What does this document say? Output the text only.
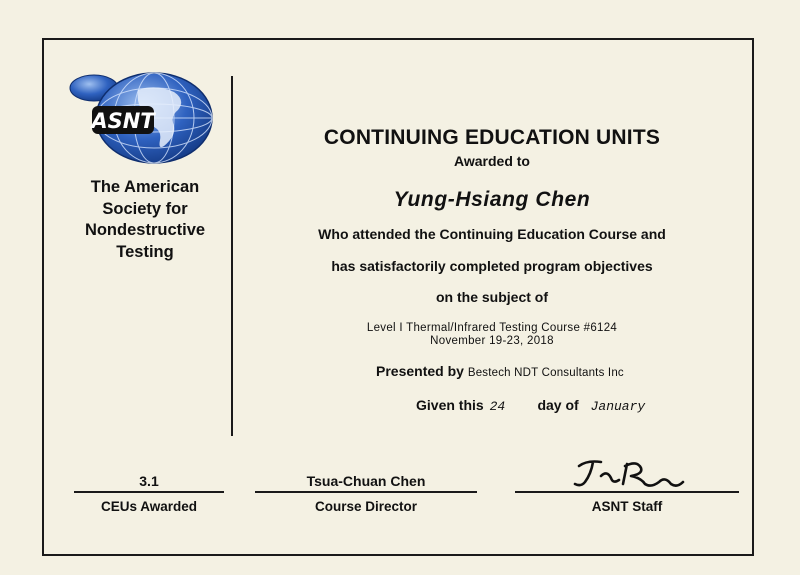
ASNT
The American
Society for
Nondestructive
Testing
CONTINUING EDUCATION UNITS
Awarded to
Yung-Hsiang Chen
Who attended the Continuing Education Course and
has satisfactorily completed program objectives
on the subject of
Level I Thermal/Infrared Testing Course #6124
November 19-23, 2018
Presented by Bestech NDT Consultants Inc
Given this 24 day of January
3.1
CEUs Awarded
Tsua-Chuan Chen
Course Director	ASNT Staff
